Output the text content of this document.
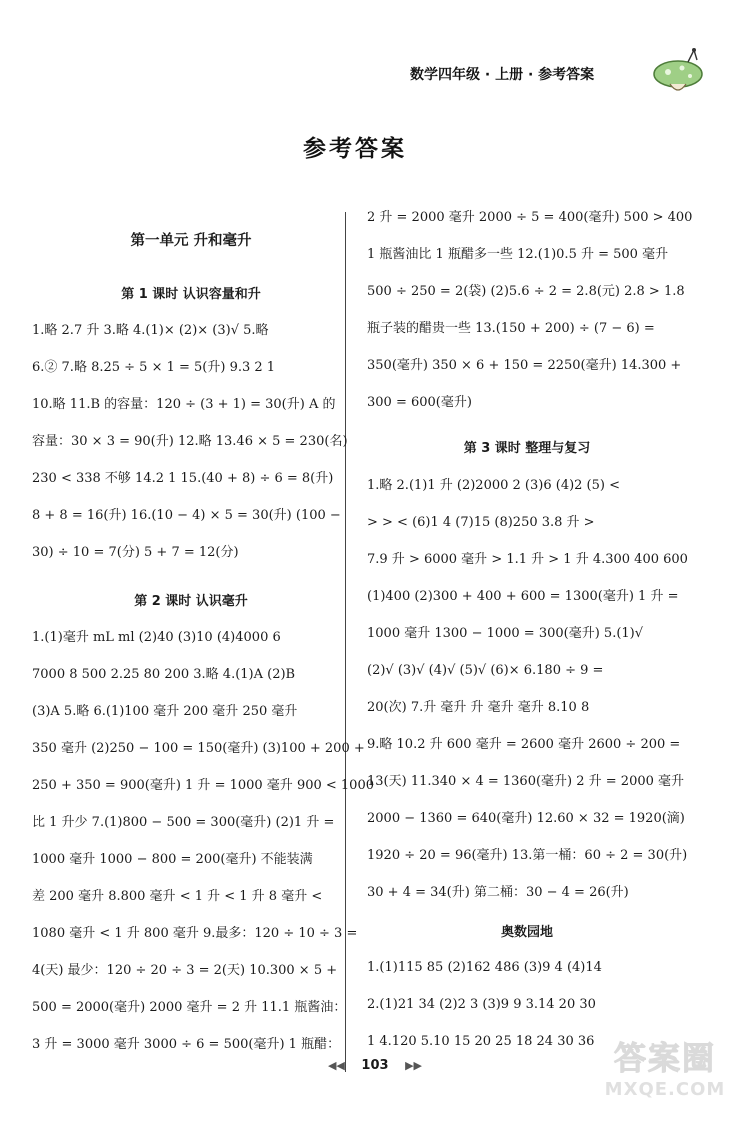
数学四年级 · 上册 · 参考答案
参考答案
第一单元 升和毫升
第 1 课时 认识容量和升
1.略 2.7 升 3.略 4.(1)× (2)× (3)√ 5.略
6.② 7.略 8.25 ÷ 5 × 1 = 5(升) 9.3 2 1
10.略 11.B 的容量：120 ÷ (3 + 1) = 30(升) A 的
容量：30 × 3 = 90(升) 12.略 13.46 × 5 = 230(名)
230 < 338 不够 14.2 1 15.(40 + 8) ÷ 6 = 8(升)
8 + 8 = 16(升) 16.(10 − 4) × 5 = 30(升) (100 −
30) ÷ 10 = 7(分) 5 + 7 = 12(分)
第 2 课时 认识毫升
1.(1)毫升 mL ml (2)40 (3)10 (4)4000 6
7000 8 500 2.25 80 200 3.略 4.(1)A (2)B
(3)A 5.略 6.(1)100 毫升 200 毫升 250 毫升
350 毫升 (2)250 − 100 = 150(毫升) (3)100 + 200 +
250 + 350 = 900(毫升) 1 升 = 1000 毫升 900 < 1000
比 1 升少 7.(1)800 − 500 = 300(毫升) (2)1 升 =
1000 毫升 1000 − 800 = 200(毫升) 不能装满
差 200 毫升 8.800 毫升 < 1 升 < 1 升 8 毫升 <
1080 毫升 < 1 升 800 毫升 9.最多：120 ÷ 10 ÷ 3 =
4(天) 最少：120 ÷ 20 ÷ 3 = 2(天) 10.300 × 5 +
500 = 2000(毫升) 2000 毫升 = 2 升 11.1 瓶酱油：
3 升 = 3000 毫升 3000 ÷ 6 = 500(毫升) 1 瓶醋：
2 升 = 2000 毫升 2000 ÷ 5 = 400(毫升) 500 > 400
1 瓶酱油比 1 瓶醋多一些 12.(1)0.5 升 = 500 毫升
500 ÷ 250 = 2(袋) (2)5.6 ÷ 2 = 2.8(元) 2.8 > 1.8
瓶子装的醋贵一些 13.(150 + 200) ÷ (7 − 6) =
350(毫升) 350 × 6 + 150 = 2250(毫升) 14.300 +
300 = 600(毫升)
第 3 课时 整理与复习
1.略 2.(1)1 升 (2)2000 2 (3)6 (4)2 (5) <
> > < (6)1 4 (7)15 (8)250 3.8 升 >
7.9 升 > 6000 毫升 > 1.1 升 > 1 升 4.300 400 600
(1)400 (2)300 + 400 + 600 = 1300(毫升) 1 升 =
1000 毫升 1300 − 1000 = 300(毫升) 5.(1)√
(2)√ (3)√ (4)√ (5)√ (6)× 6.180 ÷ 9 =
20(次) 7.升 毫升 升 毫升 毫升 8.10 8
9.略 10.2 升 600 毫升 = 2600 毫升 2600 ÷ 200 =
13(天) 11.340 × 4 = 1360(毫升) 2 升 = 2000 毫升
2000 − 1360 = 640(毫升) 12.60 × 32 = 1920(滴)
1920 ÷ 20 = 96(毫升) 13.第一桶：60 ÷ 2 = 30(升)
30 + 4 = 34(升) 第二桶：30 − 4 = 26(升)
奥数园地
1.(1)115 85 (2)162 486 (3)9 4 (4)14
2.(1)21 34 (2)2 3 (3)9 9 3.14 20 30
1 4.120 5.10 15 20 25 18 24 30 36
◀◀ 103 ▶▶	答案圈
MXQE.COM
